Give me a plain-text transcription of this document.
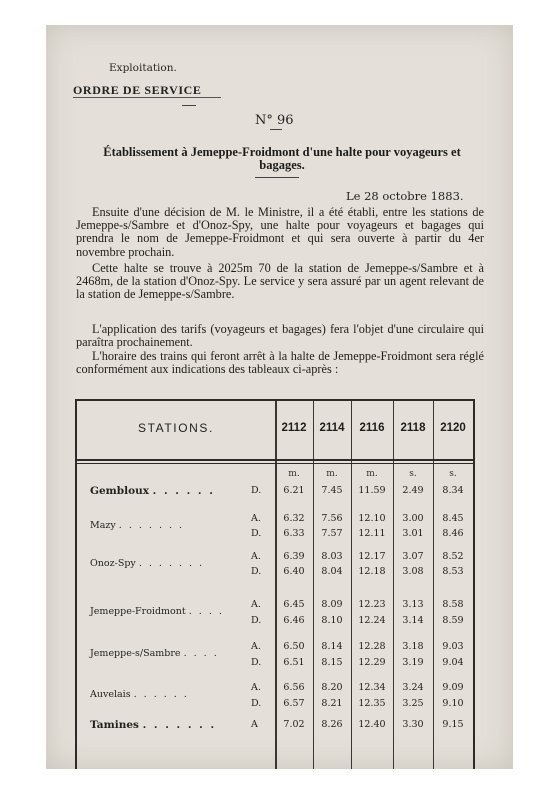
Exploitation.
ORDRE DE SERVICE
N° 96
Établissement à Jemeppe-Froidmont d'une halte pour voyageurs et bagages.
Le 28 octobre 1883.
Ensuite d'une décision de M. le Ministre, il a été établi, entre les stations de Jemeppe-s/Sambre et d'Onoz-Spy, une halte pour voyageurs et bagages qui prendra le nom de Jemeppe-Froidmont et qui sera ouverte à partir du 4er novembre prochain.
Cette halte se trouve à 2025m 70 de la station de Jemeppe-s/Sambre et à 2468m, de la station d'Onoz-Spy. Le service y sera assuré par un agent relevant de la station de Jemeppe-s/Sambre.
L'application des tarifs (voyageurs et bagages) fera l'objet d'une circulaire qui paraîtra prochainement.
L'horaire des trains qui feront arrêt à la halte de Jemeppe-Froidmont sera réglé conformément aux indications des tableaux ci-après :
STATIONS.	2112	2114	2116	2118	2120
m.	m.	m.	s.	s.
Gembloux . . . . . .	D.	6.21	7.45	11.59	2.49	8.34
Mazy . . . . . . .
A.	6.32	7.56	12.10	3.00	8.45
D.	6.33	7.57	12.11	3.01	8.46
Onoz-Spy . . . . . . .
A.	6.39	8.03	12.17	3.07	8.52
D.	6.40	8.04	12.18	3.08	8.53
Jemeppe-Froidmont . . . .
A.	6.45	8.09	12.23	3.13	8.58
D.	6.46	8.10	12.24	3.14	8.59
Jemeppe-s/Sambre . . . .
A.	6.50	8.14	12.28	3.18	9.03
D.	6.51	8.15	12.29	3.19	9.04
Auvelais . . . . . .
A.	6.56	8.20	12.34	3.24	9.09
D.	6.57	8.21	12.35	3.25	9.10
Tamines . . . . . . .	A	7.02	8.26	12.40	3.30	9.15
